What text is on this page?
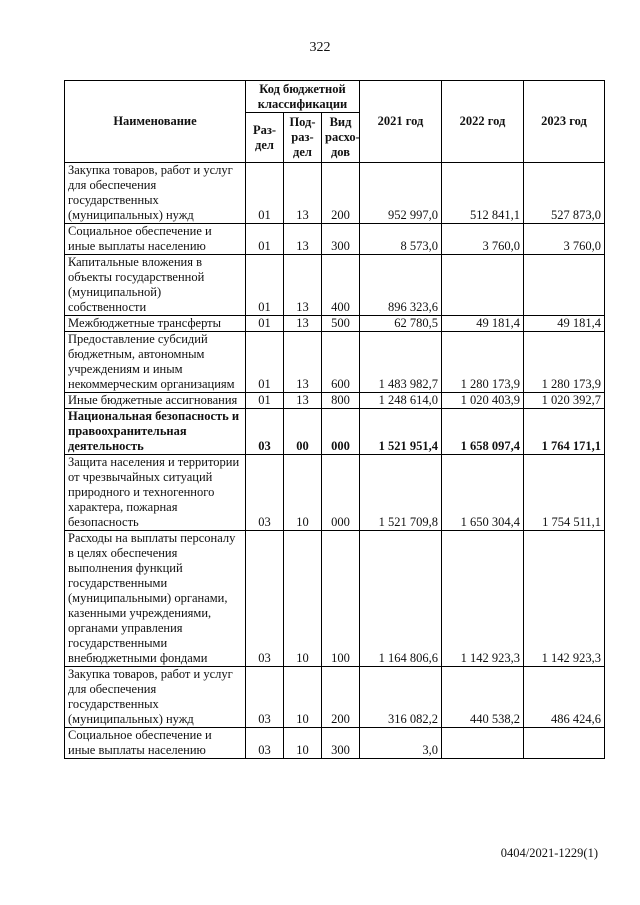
322
Наименование	Код бюджетной классификации			2021 год	2022 год	2023 год
	Раз-дел	Под-раз-дел	Вид расхо-дов			
Закупка товаров, работ и услуг для обеспечения государственных (муниципальных) нужд	01	13	200	952 997,0	512 841,1	527 873,0
Социальное обеспечение и иные выплаты населению	01	13	300	8 573,0	3 760,0	3 760,0
Капитальные вложения в объекты государственной (муниципальной) собственности	01	13	400	896 323,6		
Межбюджетные трансферты	01	13	500	62 780,5	49 181,4	49 181,4
Предоставление субсидий бюджетным, автономным учреждениям и иным некоммерческим организациям	01	13	600	1 483 982,7	1 280 173,9	1 280 173,9
Иные бюджетные ассигнования	01	13	800	1 248 614,0	1 020 403,9	1 020 392,7
Национальная безопасность и правоохранительная деятельность	03	00	000	1 521 951,4	1 658 097,4	1 764 171,1
Защита населения и территории от чрезвычайных ситуаций природного и техногенного характера, пожарная безопасность	03	10	000	1 521 709,8	1 650 304,4	1 754 511,1
Расходы на выплаты персоналу в целях обеспечения выполнения функций государственными (муниципальными) органами, казенными учреждениями, органами управления государственными внебюджетными фондами	03	10	100	1 164 806,6	1 142 923,3	1 142 923,3
Закупка товаров, работ и услуг для обеспечения государственных (муниципальных) нужд	03	10	200	316 082,2	440 538,2	486 424,6
Социальное обеспечение и иные выплаты населению	03	10	300	3,0		
0404/2021-1229(1)
